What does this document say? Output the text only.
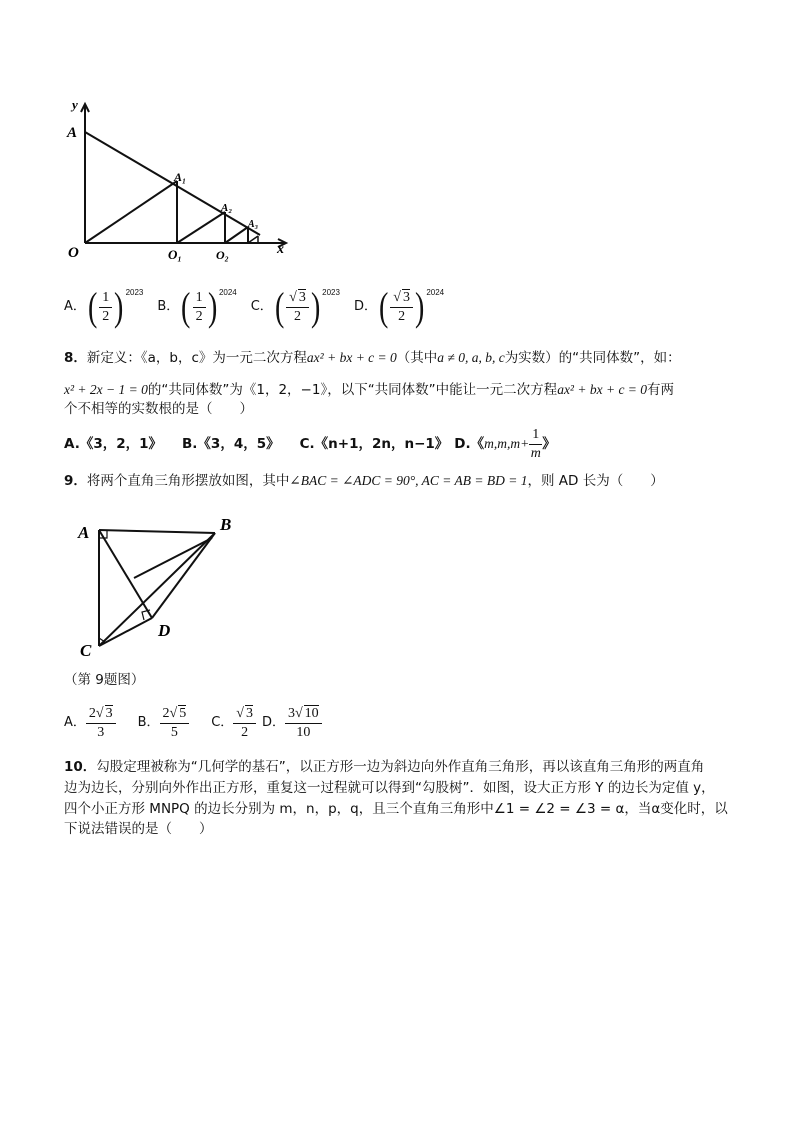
y
A
A₁
A₂
A₃
O	O₁	O₂	x
A． ( $\frac{1}{2}$ ) 2023
B． ( $\frac{1}{2}$ ) 2024
C． ( $\frac{√ 3}{2}$ ) 2023
D． ( $\frac{√ 3}{2}$ ) 2024
8．新定义：《a，b，c》为一元二次方程ax² + bx + c = 0（其中a ≠ 0, a, b, c为实数）的“共同体数”，如：
x² + 2x − 1 = 0的“共同体数”为《1，2，−1》，以下“共同体数”中能让一元二次方程ax² + bx + c = 0有两
个不相等的实数根的是（　　）
A.《3，2，1》 B.《3，4，5》 C.《n+1，2n，n−1》 D.《 $m,m,m+ \frac{1}{m}$ 》
9．将两个直角三角形摆放如图，其中∠BAC = ∠ADC = 90°, AC = AB = BD = 1，则 AD 长为（　　）
A	B
C
D
（第 9题图）
A． $\frac{2√ 3}{3}$ B． $\frac{2√ 5}{5}$ C． $\frac{√ 3}{2}$ D． $\frac{3√ 10}{10}$
10．勾股定理被称为“几何学的基石”，以正方形一边为斜边向外作直角三角形，再以该直角三角形的两直角
边为边长，分别向外作出正方形，重复这一过程就可以得到“勾股树”．如图，设大正方形 Y 的边长为定值 y，
四个小正方形 MNPQ 的边长分别为 m，n，p，q，且三个直角三角形中∠1 = ∠2 = ∠3 = α，当α变化时，以
下说法错误的是（　　）
